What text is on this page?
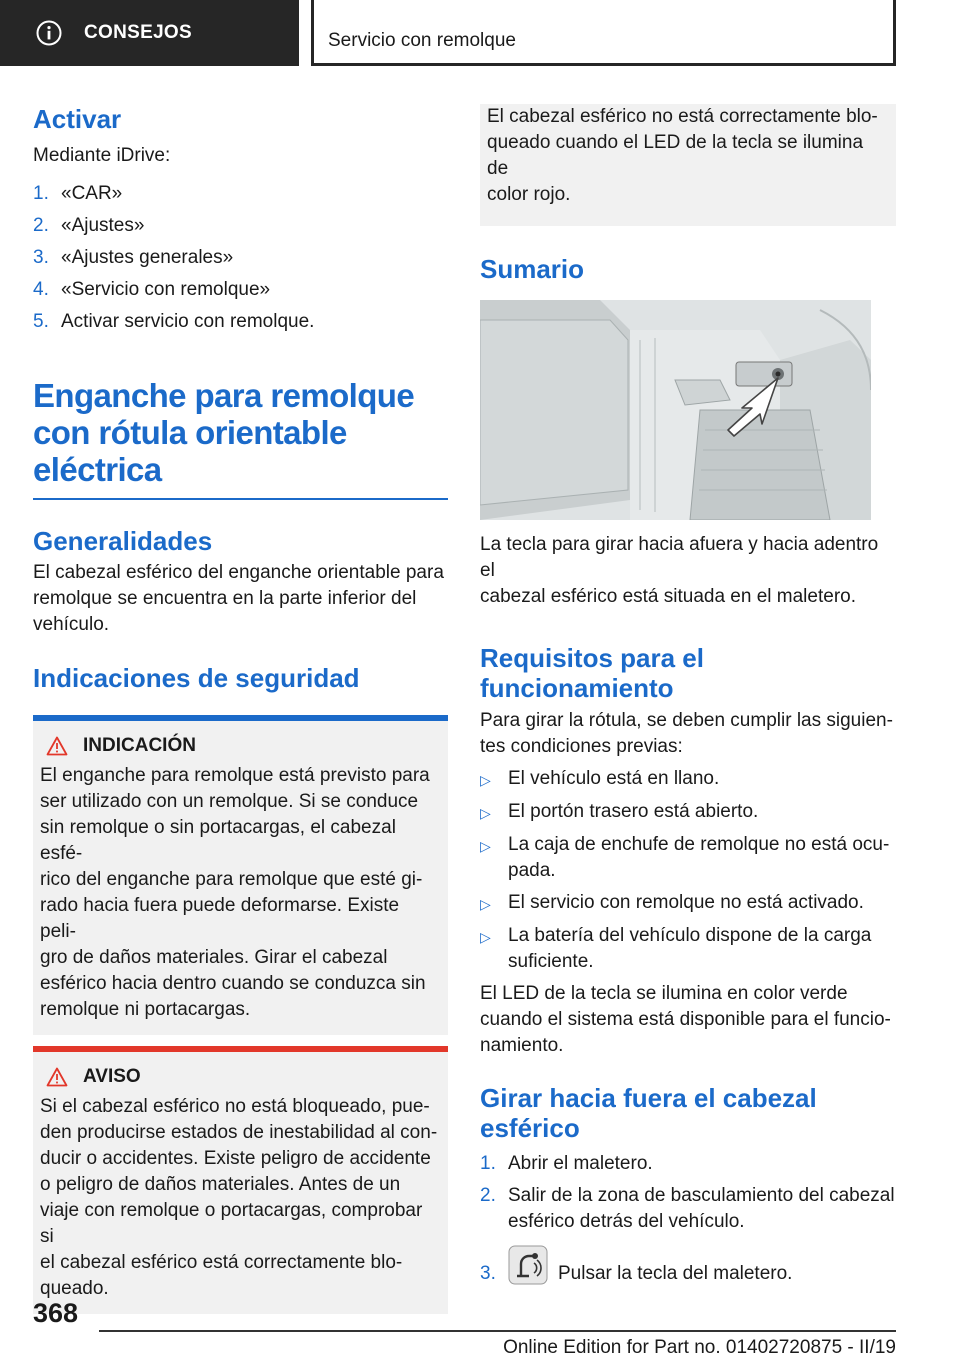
CONSEJOS	Servicio con remolque
Activar

Mediante iDrive:

1. «CAR»
2. «Ajustes»
3. «Ajustes generales»
4. «Servicio con remolque»
5. Activar servicio con remolque.
Enganche para remolque
con rótula orientable
eléctrica
Generalidades

El cabezal esférico del enganche orientable para
remolque se encuentra en la parte inferior del
vehículo.

Indicaciones de seguridad
INDICACIÓN

El enganche para remolque está previsto para
ser utilizado con un remolque. Si se conduce
sin remolque o sin portacargas, el cabezal esfé-
rico del enganche para remolque que esté gi-
rado hacia fuera puede deformarse. Existe peli-
gro de daños materiales. Girar el cabezal
esférico hacia dentro cuando se conduzca sin
remolque ni portacargas.

AVISO

Si el cabezal esférico no está bloqueado, pue-
den producirse estados de inestabilidad al con-
ducir o accidentes. Existe peligro de accidente
o peligro de daños materiales. Antes de un
viaje con remolque o portacargas, comprobar si
el cabezal esférico está correctamente blo-
queado.

El cabezal esférico no está correctamente blo-
queado cuando el LED de la tecla se ilumina de
color rojo.

Sumario

La tecla para girar hacia afuera y hacia adentro el
cabezal esférico está situada en el maletero.

Requisitos para el
funcionamiento

Para girar la rótula, se deben cumplir las siguien-
tes condiciones previas:

▷ El vehículo está en llano.
▷ El portón trasero está abierto.
▷ La caja de enchufe de remolque no está ocu-
pada.
▷ El servicio con remolque no está activado.
▷ La batería del vehículo dispone de la carga
suficiente.

El LED de la tecla se ilumina en color verde
cuando el sistema está disponible para el funcio-
namiento.

Girar hacia fuera el cabezal
esférico
1. Abrir el maletero.
2. Salir de la zona de basculamiento del cabezal
esférico detrás del vehículo.
3.	Pulsar la tecla del maletero.
368
Online Edition for Part no. 01402720875 - II/19
